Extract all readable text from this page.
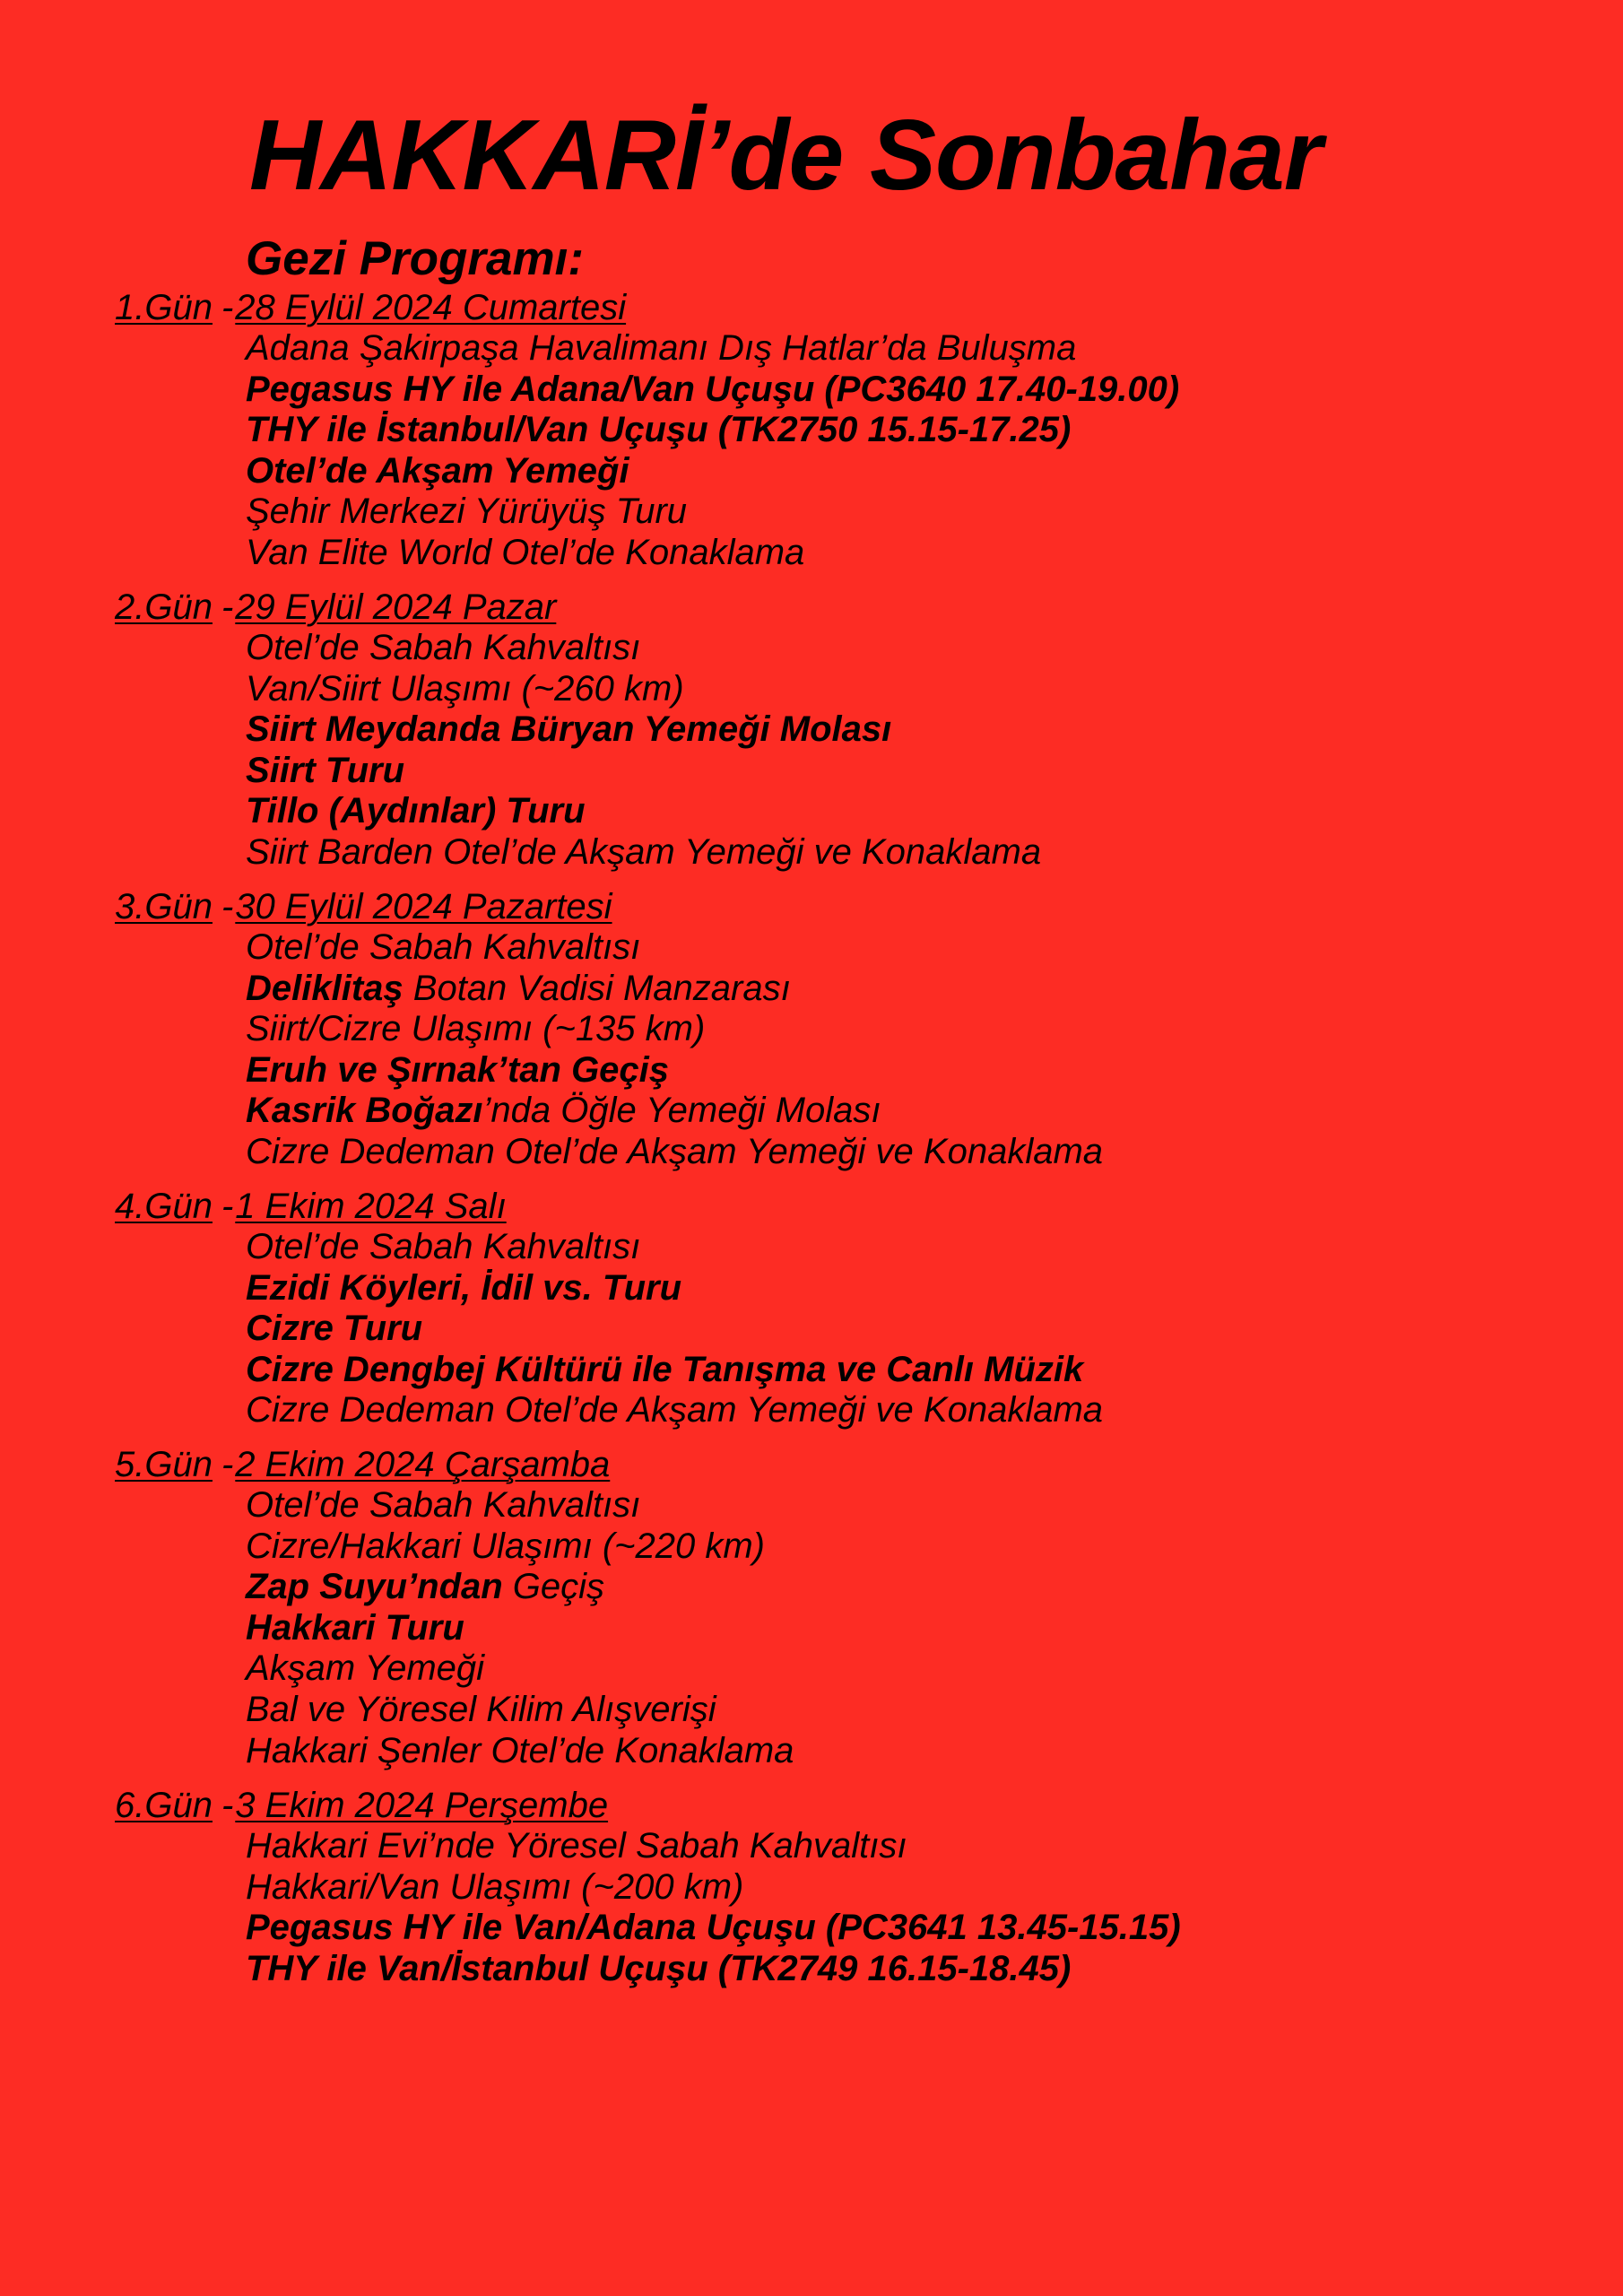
HAKKARİ’de Sonbahar
Gezi Programı:
1.Gün -28 Eylül 2024 Cumartesi
Adana Şakirpaşa Havalimanı Dış Hatlar’da Buluşma
Pegasus HY ile Adana/Van Uçuşu (PC3640 17.40-19.00)
THY ile İstanbul/Van Uçuşu (TK2750 15.15-17.25)
Otel’de Akşam Yemeği
Şehir Merkezi Yürüyüş Turu
Van Elite World Otel’de Konaklama
2.Gün -29 Eylül 2024 Pazar
Otel’de Sabah Kahvaltısı
Van/Siirt Ulaşımı (~260 km)
Siirt Meydanda Büryan Yemeği Molası
Siirt Turu
Tillo (Aydınlar) Turu
Siirt Barden Otel’de Akşam Yemeği ve Konaklama
3.Gün -30 Eylül 2024 Pazartesi
Otel’de Sabah Kahvaltısı
Deliklitaş Botan Vadisi Manzarası
Siirt/Cizre Ulaşımı (~135 km)
Eruh ve Şırnak’tan Geçiş
Kasrik Boğazı’nda Öğle Yemeği Molası
Cizre Dedeman Otel’de Akşam Yemeği ve Konaklama
4.Gün -1 Ekim 2024 Salı
Otel’de Sabah Kahvaltısı
Ezidi Köyleri, İdil vs. Turu
Cizre Turu
Cizre Dengbej Kültürü ile Tanışma ve Canlı Müzik
Cizre Dedeman Otel’de Akşam Yemeği ve Konaklama
5.Gün -2 Ekim 2024 Çarşamba
Otel’de Sabah Kahvaltısı
Cizre/Hakkari Ulaşımı (~220 km)
Zap Suyu’ndan Geçiş
Hakkari Turu
Akşam Yemeği
Bal ve Yöresel Kilim Alışverişi
Hakkari Şenler Otel’de Konaklama
6.Gün -3 Ekim 2024 Perşembe
Hakkari Evi’nde Yöresel Sabah Kahvaltısı
Hakkari/Van Ulaşımı (~200 km)
Pegasus HY ile Van/Adana Uçuşu (PC3641 13.45-15.15)
THY ile Van/İstanbul Uçuşu (TK2749 16.15-18.45)
